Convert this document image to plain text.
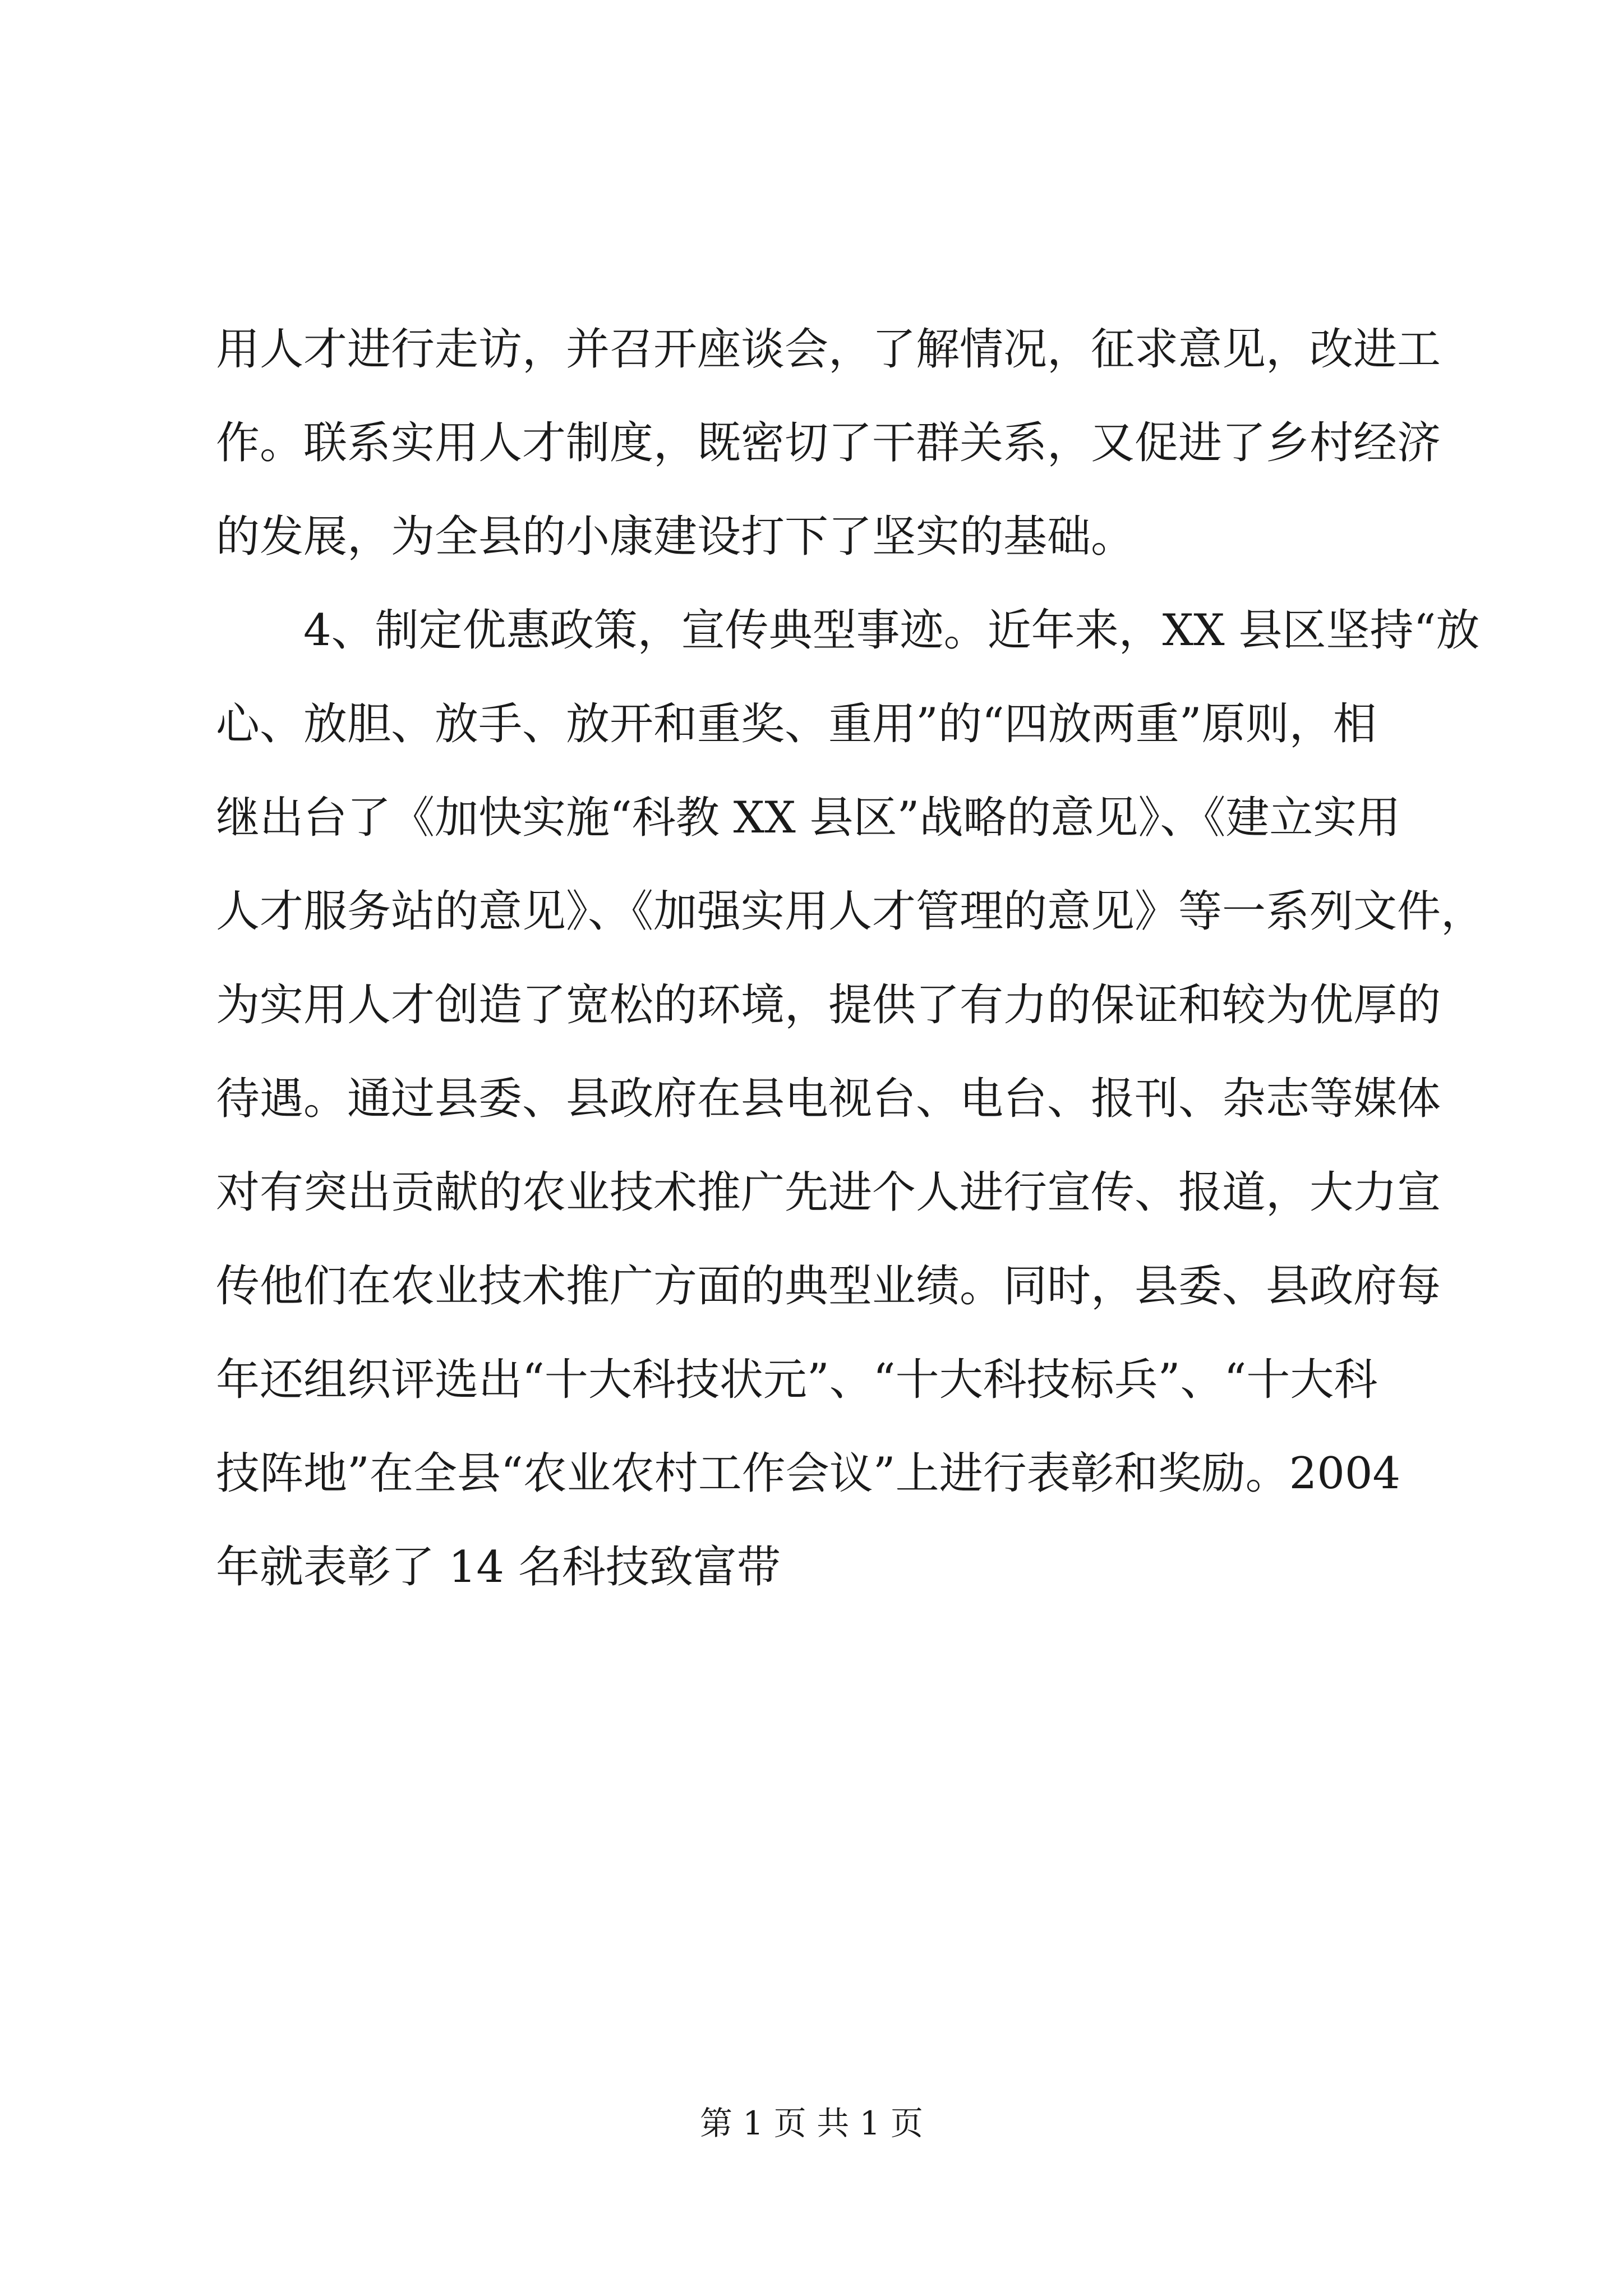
用人才进行走访，并召开座谈会，了解情况，征求意见，改进工
作。联系实用人才制度，既密切了干群关系，又促进了乡村经济
的发展，为全县的小康建设打下了坚实的基础。
　　4、制定优惠政策，宣传典型事迹。近年来，XX 县区坚持“放
心、放胆、放手、放开和重奖、重用”的“四放两重”原则，相
继出台了《加快实施“科教 XX 县区”战略的意见》、《建立实用
人才服务站的意见》、《加强实用人才管理的意见》等一系列文件，
为实用人才创造了宽松的环境，提供了有力的保证和较为优厚的
待遇。通过县委、县政府在县电视台、电台、报刊、杂志等媒体
对有突出贡献的农业技术推广先进个人进行宣传、报道，大力宣
传他们在农业技术推广方面的典型业绩。同时，县委、县政府每
年还组织评选出“十大科技状元”、“十大科技标兵”、“十大科
技阵地”在全县“农业农村工作会议”上进行表彰和奖励。2004
年就表彰了 14 名科技致富带
第 1 页 共 1 页
